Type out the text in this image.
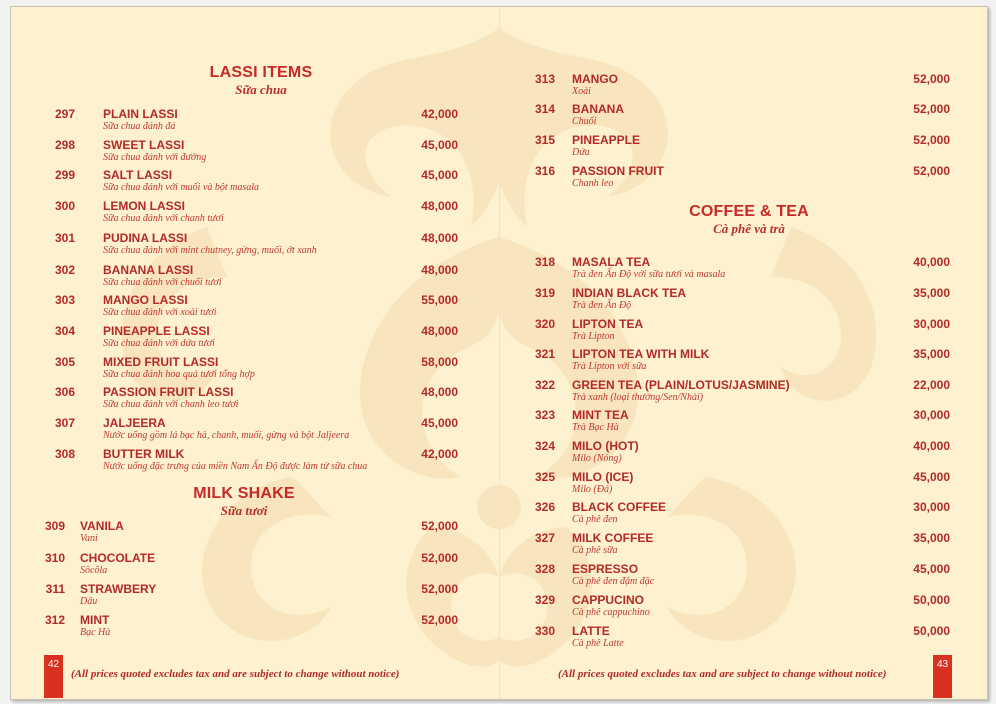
LASSI ITEMS
Sữa chua
297 PLAIN LASSI
Sữa chua đánh đá
42,000
298 SWEET LASSI
Sữa chua đánh với đường
45,000
299 SALT LASSI
Sữa chua đánh với muối và bột masala
45,000
300 LEMON LASSI
Sữa chua đánh với chanh tươi
48,000
301 PUDINA LASSI
Sữa chua đánh với mint chutney, gừng, muối, ớt xanh
48,000
302 BANANA LASSI
Sữa chua đánh với chuối tươi
48,000
303 MANGO LASSI
Sữa chua đánh với xoài tươi
55,000
304 PINEAPPLE LASSI
Sữa chua đánh với dứa tươi
48,000
305 MIXED FRUIT LASSI
Sữa chua đánh hoa quả tươi tổng hợp
58,000
306 PASSION FRUIT LASSI
Sữa chua đánh với chanh leo tươi
48,000
307 JALJEERA
Nước uống gồm lá bạc hà, chanh, muối, gừng và bột Jaljeera
45,000
308 BUTTER MILK
Nước uống đặc trưng của miền Nam Ấn Độ được làm từ sữa chua
42,000
MILK SHAKE
Sữa tươi
309 VANILA
Vani
52,000
310 CHOCOLATE
Sôcôla
52,000
311 STRAWBERY
Dâu
52,000
312 MINT
Bạc Hà
52,000
42
(All prices quoted excludes tax and are subject to change without notice)
313 MANGO
Xoài
52,000
314 BANANA
Chuối
52,000
315 PINEAPPLE
Dứa
52,000
316 PASSION FRUIT
Chanh leo
52,000
COFFEE & TEA
Cà phê và trà
318 MASALA TEA
Trà đen Ấn Độ với sữa tươi và masala
40,000
319 INDIAN BLACK TEA
Trà đen Ấn Độ
35,000
320 LIPTON TEA
Trà Lipton
30,000
321 LIPTON TEA WITH MILK
Trà Lipton với sữa
35,000
322 GREEN TEA (PLAIN/LOTUS/JASMINE)
Trà xanh (loại thường/Sen/Nhài)
22,000
323 MINT TEA
Trà Bạc Hà
30,000
324 MILO (HOT)
Milo (Nóng)
40,000
325 MILO (ICE)
Milo (Đá)
45,000
326 BLACK COFFEE
Cà phê đen
30,000
327 MILK COFFEE
Cà phê sữa
35,000
328 ESPRESSO
Cà phê đen đậm đặc
45,000
329 CAPPUCINO
Cà phê cappuchino
50,000
330 LATTE
Cà phê Latte
50,000
(All prices quoted excludes tax and are subject to change without notice)
43
